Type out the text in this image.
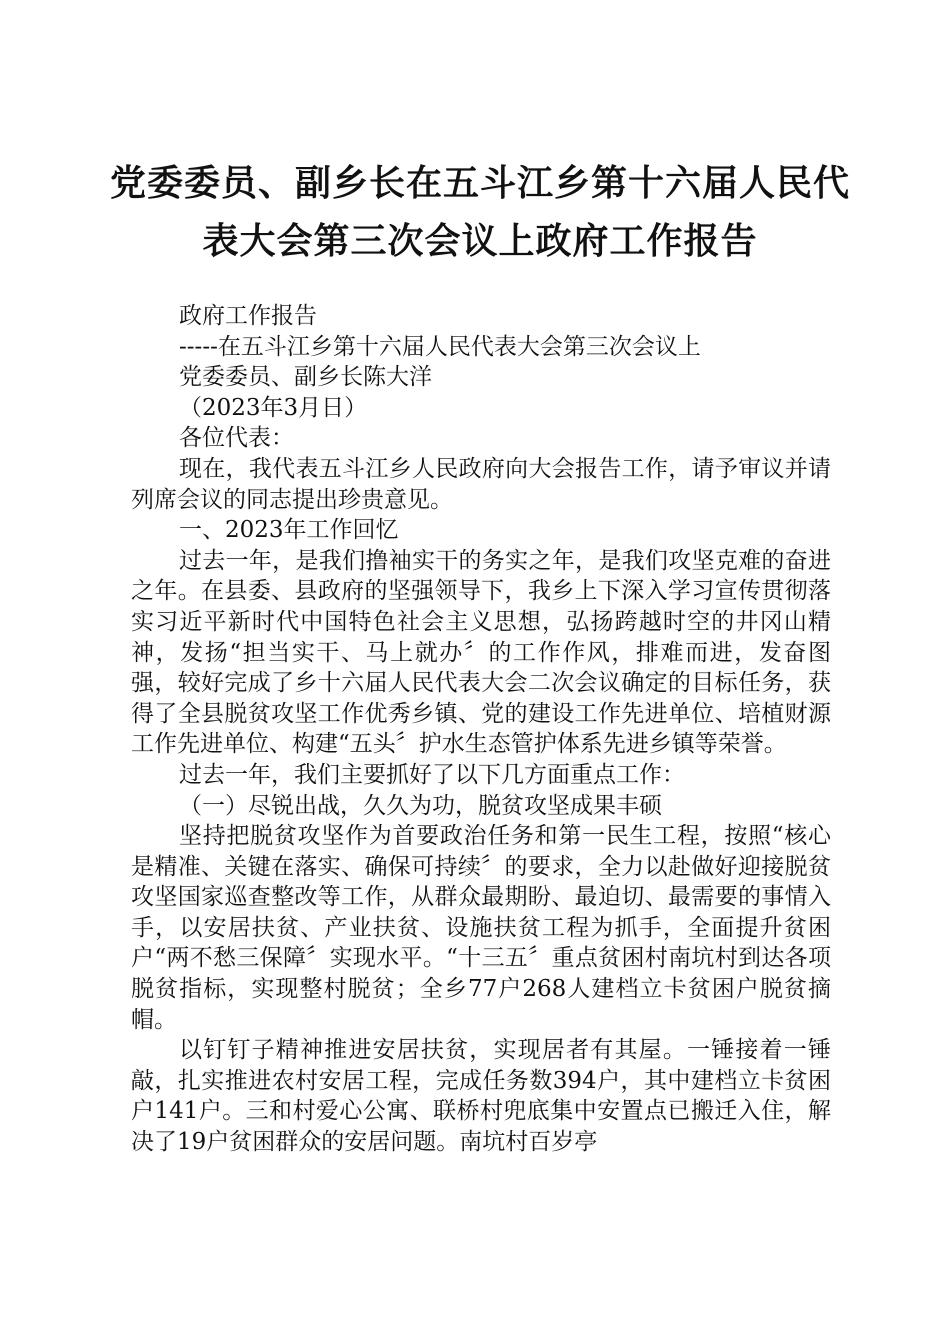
党委委员、副乡长在五斗江乡第十六届人民代
表大会第三次会议上政府工作报告

政府工作报告

-----在五斗江乡第十六届人民代表大会第三次会议上

党委委员、副乡长陈大洋

（2023年3月日）

各位代表：

现在，我代表五斗江乡人民政府向大会报告工作，请予审议并请列席会议的同志提出珍贵意见。

一、2023年工作回忆

过去一年，是我们撸袖实干的务实之年，是我们攻坚克难的奋进之年。在县委、县政府的坚强领导下，我乡上下深入学习宣传贯彻落实习近平新时代中国特色社会主义思想，弘扬跨越时空的井冈山精神，发扬“担当实干、马上就办〞的工作作风，排难而进，发奋图强，较好完成了乡十六届人民代表大会二次会议确定的目标任务，获得了全县脱贫攻坚工作优秀乡镇、党的建设工作先进单位、培植财源工作先进单位、构建“五头〞护水生态管护体系先进乡镇等荣誉。

过去一年，我们主要抓好了以下几方面重点工作：

（一）尽锐出战，久久为功，脱贫攻坚成果丰硕

坚持把脱贫攻坚作为首要政治任务和第一民生工程，按照“核心是精准、关键在落实、确保可持续〞的要求，全力以赴做好迎接脱贫攻坚国家巡查整改等工作，从群众最期盼、最迫切、最需要的事情入手，以安居扶贫、产业扶贫、设施扶贫工程为抓手，全面提升贫困户“两不愁三保障〞实现水平。“十三五〞重点贫困村南坑村到达各项脱贫指标，实现整村脱贫；全乡77户268人建档立卡贫困户脱贫摘帽。

以钉钉子精神推进安居扶贫，实现居者有其屋。一锤接着一锤敲，扎实推进农村安居工程，完成任务数394户，其中建档立卡贫困户141户。三和村爱心公寓、联桥村兜底集中安置点已搬迁入住，解决了19户贫困群众的安居问题。南坑村百岁亭
